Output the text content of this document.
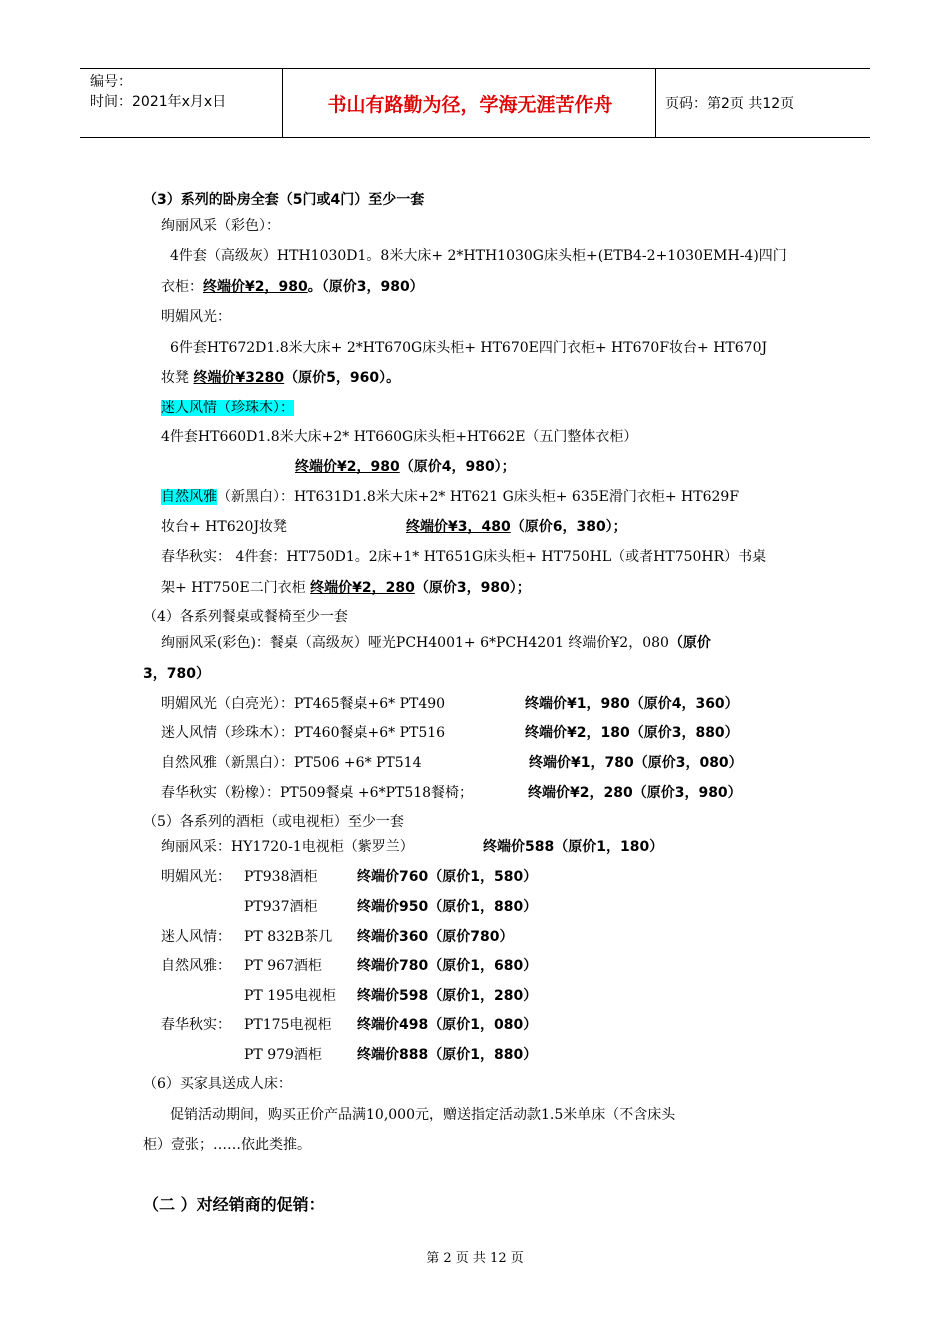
编号：
时间：2021年x月x日	书山有路勤为径，学海无涯苦作舟	页码：第2页 共12页
（3）系列的卧房全套（5门或4门）至少一套
绚丽风采（彩色）：
4件套（高级灰）HTH1030D1。8米大床+ 2*HTH1030G床头柜+(ETB4-2+1030EMH-4)四门
衣柜：终端价¥2，980。（原价3，980）
明媚风光：
6件套HT672D1.8米大床+ 2*HT670G床头柜+ HT670E四门衣柜+ HT670F妆台+ HT670J
妆凳 终端价¥3280（原价5，960）。
迷人风情（珍珠木）：
4件套HT660D1.8米大床+2* HT660G床头柜+HT662E（五门整体衣柜）
终端价¥2，980（原价4，980）；
自然风雅（新黑白）：HT631D1.8米大床+2* HT621 G床头柜+ 635E滑门衣柜+ HT629F
妆台+ HT620J妆凳	终端价¥3，480（原价6，380）；
春华秋实： 4件套：HT750D1。2床+1* HT651G床头柜+ HT750HL（或者HT750HR）书桌
架+ HT750E二门衣柜 终端价¥2，280（原价3，980）；
（4）各系列餐桌或餐椅至少一套
绚丽风采(彩色)：餐桌（高级灰）哑光PCH4001+ 6*PCH4201 终端价¥2，080（原价
3，780）
明媚风光（白亮光）：PT465餐桌+6* PT490	终端价¥1，980（原价4，360）
迷人风情（珍珠木）：PT460餐桌+6* PT516	终端价¥2，180（原价3，880）
自然风雅（新黑白）：PT506 +6* PT514	终端价¥1，780（原价3，080）
春华秋实（粉橡）：PT509餐桌 +6*PT518餐椅；	终端价¥2，280（原价3，980）
（5）各系列的酒柜（或电视柜）至少一套
绚丽风采：HY1720-1电视柜（紫罗兰）	终端价588（原价1，180）
明媚风光： PT938酒柜	终端价760（原价1，580）
PT937酒柜	终端价950（原价1，880）
迷人风情： PT 832B茶几 终端价360（原价780）
自然风雅： PT 967酒柜	终端价780（原价1，680）
PT 195电视柜 终端价598（原价1，280）
春华秋实： PT175电视柜 终端价498（原价1，080）
PT 979酒柜	终端价888（原价1，880）
（6）买家具送成人床：
促销活动期间，购买正价产品满10,000元，赠送指定活动款1.5米单床（不含床头
柜）壹张；……依此类推。
（二 ）对经销商的促销：
第 2 页 共 12 页
